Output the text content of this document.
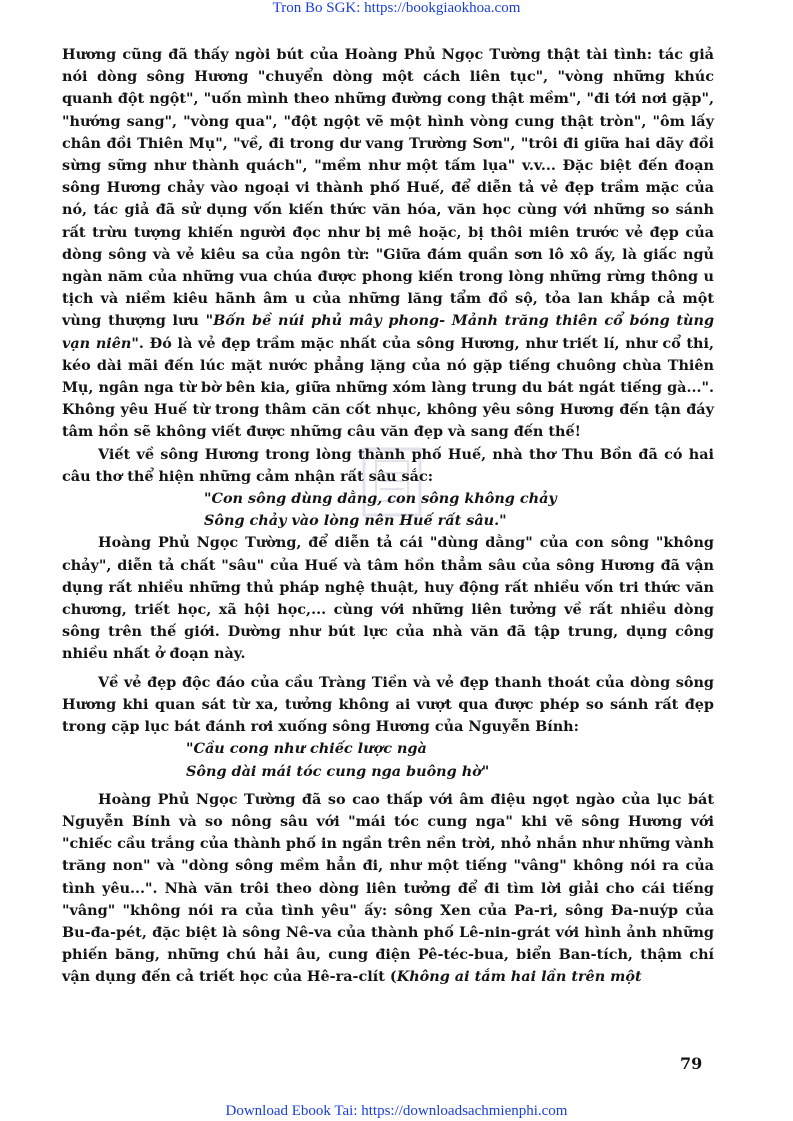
Tron Bo SGK: https://bookgiaokhoa.com

Hương cũng đã thấy ngòi bút của Hoàng Phủ Ngọc Tường thật tài tình: tác giả nói dòng sông Hương "chuyển dòng một cách liên tục", "vòng những khúc quanh đột ngột", "uốn mình theo những đường cong thật mềm", "đi tới nơi gặp", "hướng sang", "vòng qua", "đột ngột vẽ một hình vòng cung thật tròn", "ôm lấy chân đồi Thiên Mụ", "về, đi trong dư vang Trường Sơn", "trôi đi giữa hai dãy đồi sừng sững như thành quách", "mềm như một tấm lụa" v.v... Đặc biệt đến đoạn sông Hương chảy vào ngoại vi thành phố Huế, để diễn tả vẻ đẹp trầm mặc của nó, tác giả đã sử dụng vốn kiến thức văn hóa, văn học cùng với những so sánh rất trừu tượng khiến người đọc như bị mê hoặc, bị thôi miên trước vẻ đẹp của dòng sông và vẻ kiêu sa của ngôn từ: "Giữa đám quần sơn lô xô ấy, là giấc ngủ ngàn năm của những vua chúa được phong kiến trong lòng những rừng thông u tịch và niềm kiêu hãnh âm u của những lăng tẩm đồ sộ, tỏa lan khắp cả một vùng thượng lưu "Bốn bề núi phủ mây phong- Mảnh trăng thiên cổ bóng tùng vạn niên". Đó là vẻ đẹp trầm mặc nhất của sông Hương, như triết lí, như cổ thi, kéo dài mãi đến lúc mặt nước phẳng lặng của nó gặp tiếng chuông chùa Thiên Mụ, ngân nga từ bờ bên kia, giữa những xóm làng trung du bát ngát tiếng gà...". Không yêu Huế từ trong thâm căn cốt nhục, không yêu sông Hương đến tận đáy tâm hồn sẽ không viết được những câu văn đẹp và sang đến thế!

Viết về sông Hương trong lòng thành phố Huế, nhà thơ Thu Bồn đã có hai câu thơ thể hiện những cảm nhận rất sâu sắc:

"Con sông dùng dằng, con sông không chảy

Sông chảy vào lòng nên Huế rất sâu."

Hoàng Phủ Ngọc Tường, để diễn tả cái "dùng dằng" của con sông "không chảy", diễn tả chất "sâu" của Huế và tâm hồn thẳm sâu của sông Hương đã vận dụng rất nhiều những thủ pháp nghệ thuật, huy động rất nhiều vốn tri thức văn chương, triết học, xã hội học,... cùng với những liên tưởng về rất nhiều dòng sông trên thế giới. Dường như bút lực của nhà văn đã tập trung, dụng công nhiều nhất ở đoạn này.

Về vẻ đẹp độc đáo của cầu Tràng Tiền và vẻ đẹp thanh thoát của dòng sông Hương khi quan sát từ xa, tưởng không ai vượt qua được phép so sánh rất đẹp trong cặp lục bát đánh rơi xuống sông Hương của Nguyễn Bính:

"Cầu cong như chiếc lược ngà

Sông dài mái tóc cung nga buông hờ"

Hoàng Phủ Ngọc Tường đã so cao thấp với âm điệu ngọt ngào của lục bát Nguyễn Bính và so nông sâu với "mái tóc cung nga" khi vẽ sông Hương với "chiếc cầu trắng của thành phố in ngần trên nền trời, nhỏ nhắn như những vành trăng non" và "dòng sông mềm hẳn đi, như một tiếng "vâng" không nói ra của tình yêu...". Nhà văn trôi theo dòng liên tưởng để đi tìm lời giải cho cái tiếng "vâng" "không nói ra của tình yêu" ấy: sông Xen của Pa-ri, sông Đa-nuýp của Bu-đa-pét, đặc biệt là sông Nê-va của thành phố Lê-nin-grát với hình ảnh những phiến băng, những chú hải âu, cung điện Pê-téc-bua, biển Ban-tích, thậm chí vận dụng đến cả triết học của Hê-ra-clít (Không ai tắm hai lần trên một

79
Download Ebook Tai: https://downloadsachmienphi.com
